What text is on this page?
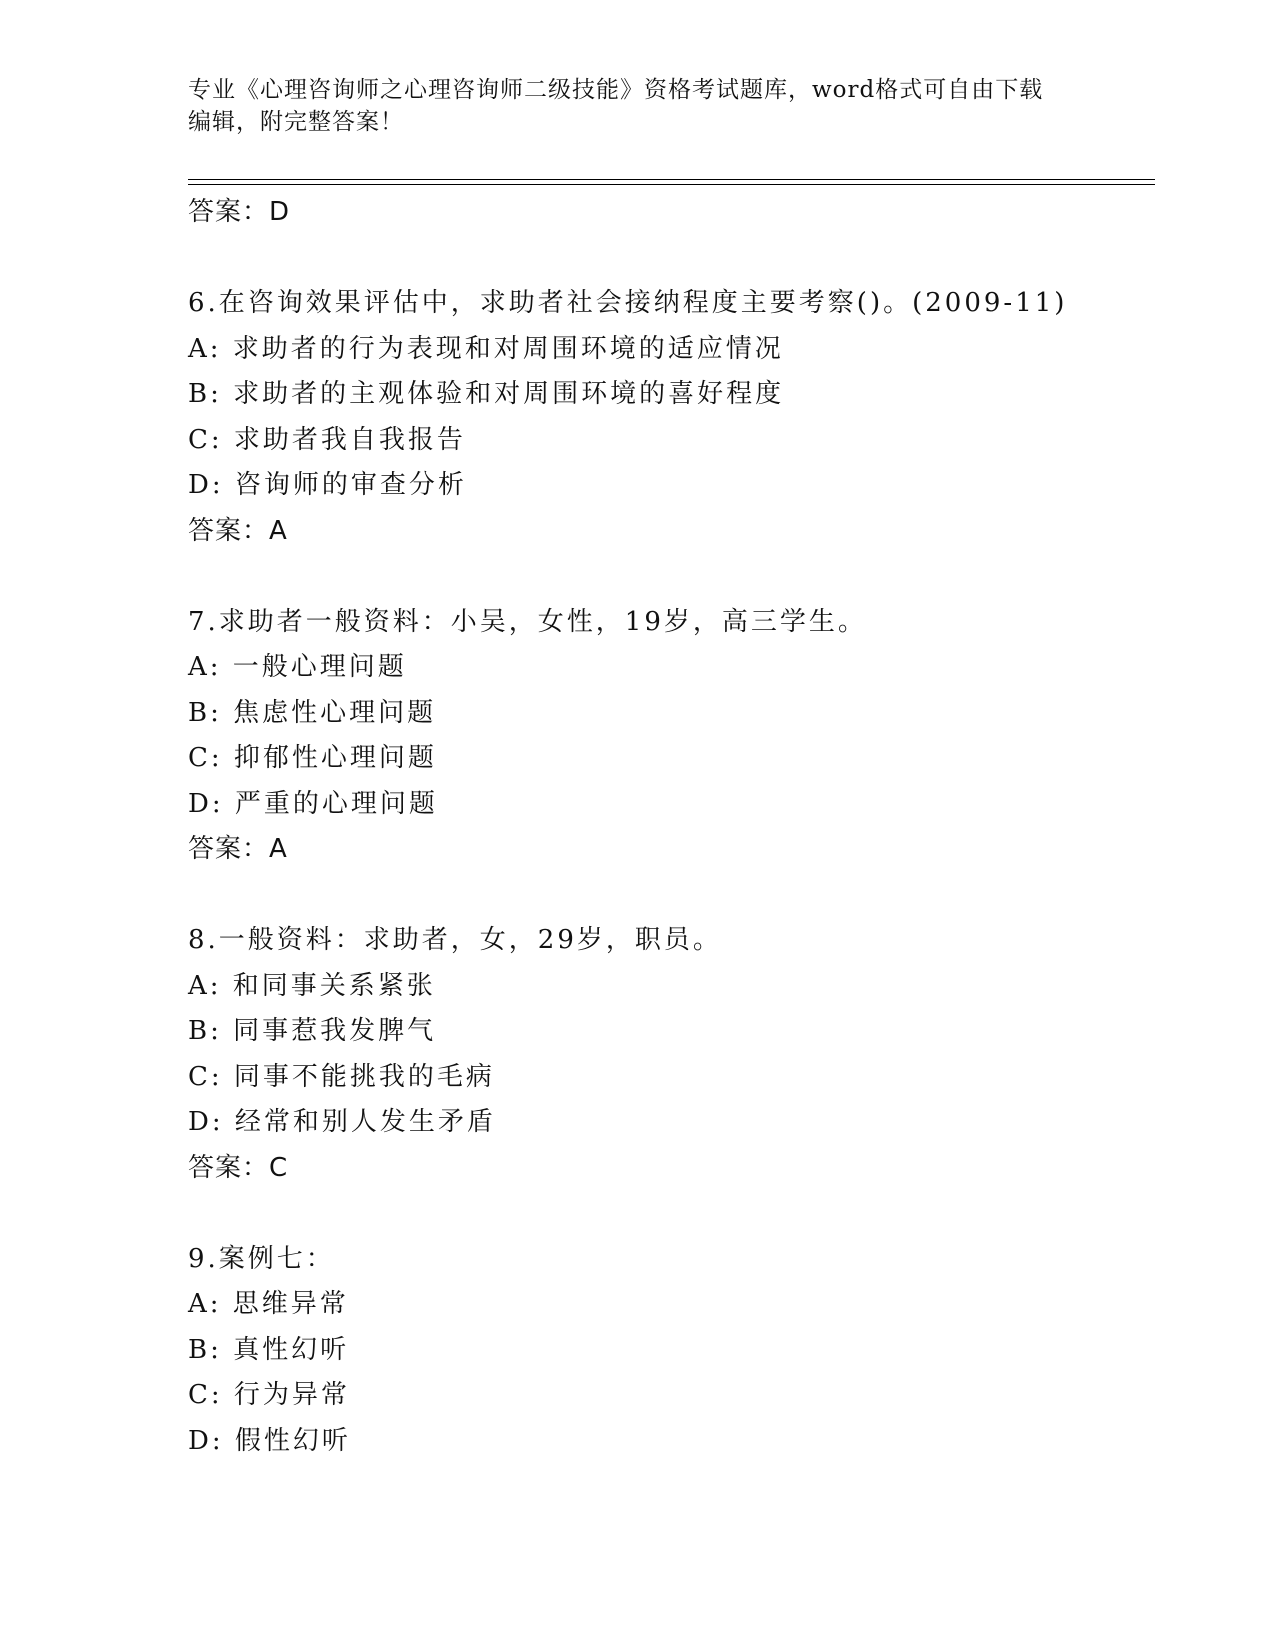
专业《心理咨询师之心理咨询师二级技能》资格考试题库，word格式可自由下载
编辑，附完整答案！
答案：D
6.在咨询效果评估中，求助者社会接纳程度主要考察()。(2009-11)
A: 求助者的行为表现和对周围环境的适应情况
B: 求助者的主观体验和对周围环境的喜好程度
C: 求助者我自我报告
D: 咨询师的审查分析
答案：A
7.求助者一般资料：小吴，女性，19岁，高三学生。
A: 一般心理问题
B: 焦虑性心理问题
C: 抑郁性心理问题
D: 严重的心理问题
答案：A
8.一般资料：求助者，女，29岁，职员。
A: 和同事关系紧张
B: 同事惹我发脾气
C: 同事不能挑我的毛病
D: 经常和别人发生矛盾
答案：C
9.案例七：
A: 思维异常
B: 真性幻听
C: 行为异常
D: 假性幻听
